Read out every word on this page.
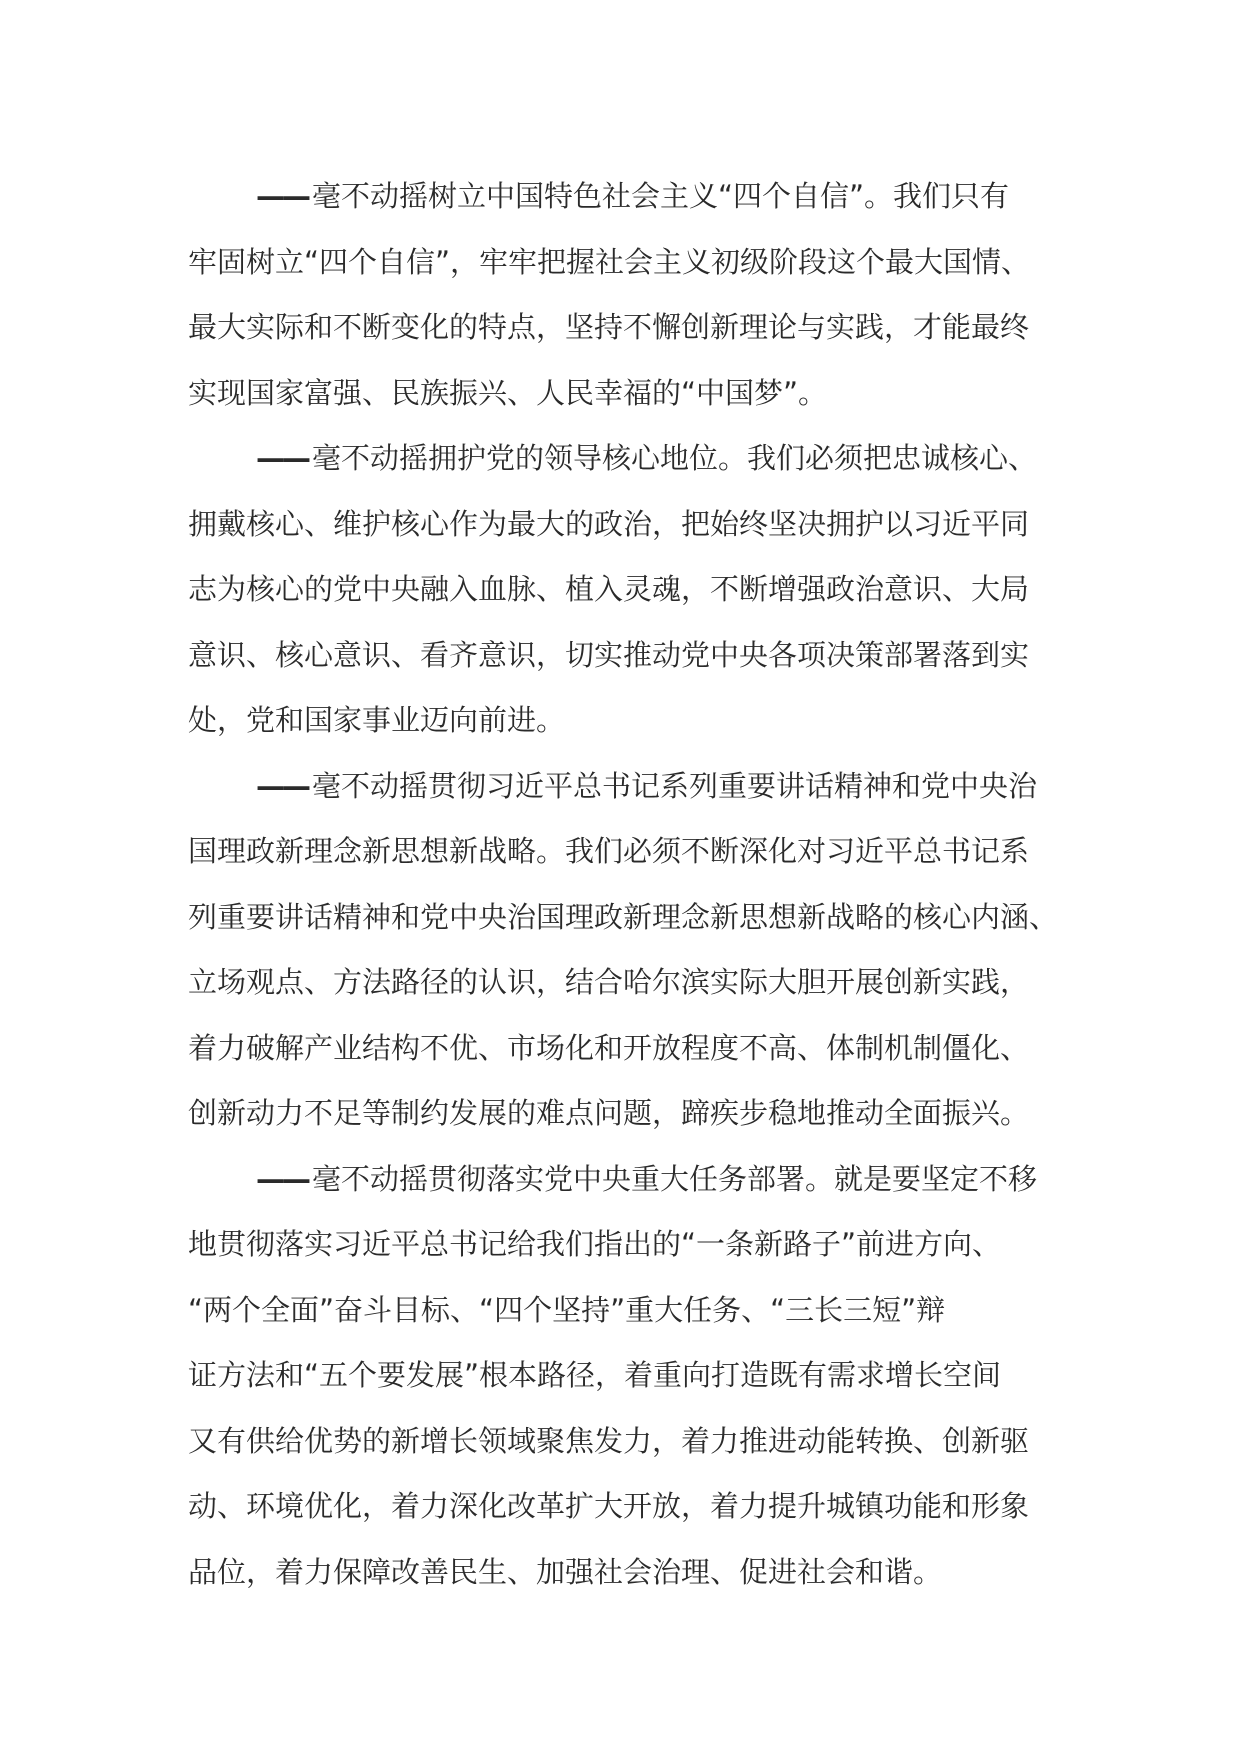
—— 毫不动摇树立中国特色社会主义“四个自信”。我们只有
牢固树立“四个自信”，牢牢把握社会主义初级阶段这个最大国情、
最大实际和不断变化的特点，坚持不懈创新理论与实践，才能最终
实现国家富强、民族振兴、人民幸福的“中国梦”。
—— 毫不动摇拥护党的领导核心地位。我们必须把忠诚核心、
拥戴核心、维护核心作为最大的政治，把始终坚决拥护以习近平同
志为核心的党中央融入血脉、植入灵魂，不断增强政治意识、大局
意识、核心意识、看齐意识，切实推动党中央各项决策部署落到实
处，党和国家事业迈向前进。
—— 毫不动摇贯彻习近平总书记系列重要讲话精神和党中央治
国理政新理念新思想新战略。我们必须不断深化对习近平总书记系
列重要讲话精神和党中央治国理政新理念新思想新战略的核心内涵、
立场观点、方法路径的认识，结合哈尔滨实际大胆开展创新实践，
着力破解产业结构不优、市场化和开放程度不高、体制机制僵化、
创新动力不足等制约发展的难点问题，蹄疾步稳地推动全面振兴。
—— 毫不动摇贯彻落实党中央重大任务部署。就是要坚定不移
地贯彻落实习近平总书记给我们指出的“一条新路子”前进方向、
“两个全面”奋斗目标、“四个坚持”重大任务、“三长三短”辩
证方法和“五个要发展”根本路径，着重向打造既有需求增长空间
又有供给优势的新增长领域聚焦发力，着力推进动能转换、创新驱
动、环境优化，着力深化改革扩大开放，着力提升城镇功能和形象
品位，着力保障改善民生、加强社会治理、促进社会和谐。
